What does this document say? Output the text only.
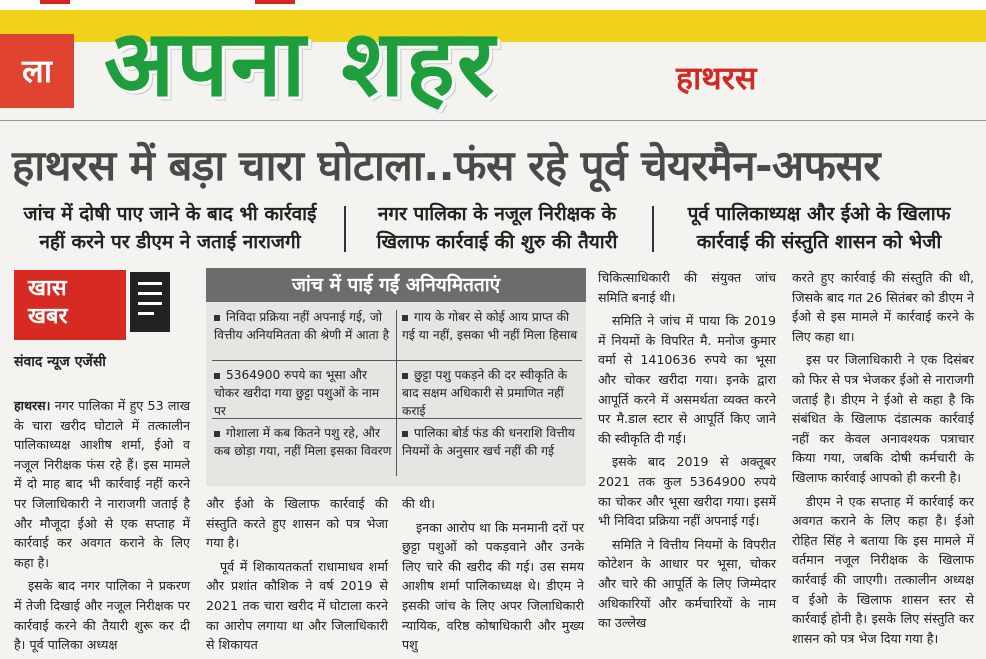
ला अपना शहर	हाथरस
हाथरस में बड़ा चारा घोटाला..फंस रहे पूर्व चेयरमैन-अफसर
जांच में दोषी पाए जाने के बाद भी कार्रवाई
नहीं करने पर डीएम ने जताई नाराजगी
नगर पालिका के नजूल निरीक्षक के
खिलाफ कार्रवाई की शुरु की तैयारी
पूर्व पालिकाध्यक्ष और ईओ के खिलाफ
कार्रवाई की संस्तुति शासन को भेजी
खास
खबर
संवाद न्यूज एजेंसी

हाथरस। नगर पालिका में हुए 53 लाख के चारा खरीद घोटाले में तत्कालीन पालिकाध्यक्ष आशीष शर्मा, ईओ व नजूल निरीक्षक फंस रहे हैं। इस मामले में दो माह बाद भी कार्रवाई नहीं करने पर जिलाधिकारी ने नाराजगी जताई है और मौजूदा ईओ से एक सप्ताह में कार्रवाई कर अवगत कराने के लिए कहा है।

इसके बाद नगर पालिका ने प्रकरण में तेजी दिखाई और नजूल निरीक्षक पर कार्रवाई करने की तैयारी शुरू कर दी है। पूर्व पालिका अध्यक्ष

जांच में पाई गईं अनियमितताएं
निविदा प्रक्रिया नहीं अपनाई गई, जो वित्तीय अनियमितता की श्रेणी में आता है
गाय के गोबर से कोई आय प्राप्त की गई या नहीं, इसका भी नहीं मिला हिसाब
5364900 रुपये का भूसा और चोकर खरीदा गया छुट्टा पशुओं के नाम पर
छुट्टा पशु पकड़ने की दर स्वीकृति के बाद सक्षम अधिकारी से प्रमाणित नहीं कराई
गोशाला में कब कितने पशु रहे, और कब छोड़ा गया, नहीं मिला इसका विवरण
पालिका बोर्ड फंड की धनराशि वित्तीय नियमों के अनुसार खर्च नहीं की गई

और ईओ के खिलाफ कार्रवाई की संस्तुति करते हुए शासन को पत्र भेजा गया है।

पूर्व में शिकायतकर्ता राधामाधव शर्मा और प्रशांत कौशिक ने वर्ष 2019 से 2021 तक चारा खरीद में घोटाला करने का आरोप लगाया था और जिलाधिकारी से शिकायत

की थी।

इनका आरोप था कि मनमानी दरों पर छुट्टा पशुओं को पकड़वाने और उनके लिए चारे की खरीद की गई। उस समय आशीष शर्मा पालिकाध्यक्ष थे। डीएम ने इसकी जांच के लिए अपर जिलाधिकारी न्यायिक, वरिष्ठ कोषाधिकारी और मुख्य पशु

चिकित्साधिकारी की संयुक्त जांच समिति बनाई थी।

समिति ने जांच में पाया कि 2019 में नियमों के विपरित मै. मनोज कुमार वर्मा से 1410636 रुपये का भूसा और चोकर खरीदा गया। इनके द्वारा आपूर्ति करने में असमर्थता व्यक्त करने पर मै.डाल स्टार से आपूर्ति किए जाने की स्वीकृति दी गई।

इसके बाद 2019 से अक्तूबर 2021 तक कुल 5364900 रुपये का चोकर और भूसा खरीदा गया। इसमें भी निविदा प्रक्रिया नहीं अपनाई गई।

समिति ने वित्तीय नियमों के विपरीत कोटेशन के आधार पर भूसा, चोकर और चारे की आपूर्ति के लिए जिम्मेदार अधिकारियों और कर्मचारियों के नाम का उल्लेख

करते हुए कार्रवाई की संस्तुति की थी, जिसके बाद गत 26 सितंबर को डीएम ने ईओ से इस मामले में कार्रवाई करने के लिए कहा था।

इस पर जिलाधिकारी ने एक दिसंबर को फिर से पत्र भेजकर ईओ से नाराजगी जताई है। डीएम ने ईओ से कहा है कि संबंधित के खिलाफ दंडात्मक कार्रवाई नहीं कर केवल अनावश्यक पत्राचार किया गया, जबकि दोषी कर्मचारी के खिलाफ कार्रवाई आपको ही करनी है।

डीएम ने एक सप्ताह में कार्रवाई कर अवगत कराने के लिए कहा है। ईओ रोहित सिंह ने बताया कि इस मामले में वर्तमान नजूल निरीक्षक के खिलाफ कार्रवाई की जाएगी। तत्कालीन अध्यक्ष व ईओ के खिलाफ शासन स्तर से कार्रवाई होनी है। इसके लिए संस्तुति कर शासन को पत्र भेज दिया गया है।
